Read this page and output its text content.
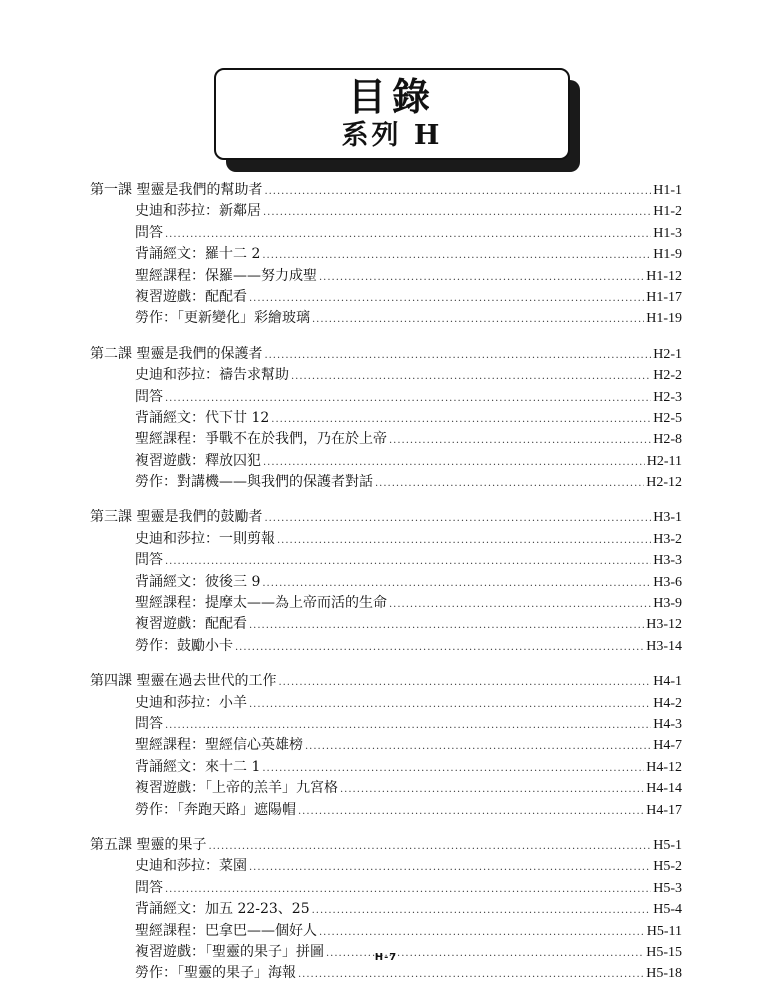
目錄
系列 H
第一課 聖靈是我們的幫助者 .....	H1-1
史迪和莎拉：新鄰居 .....	H1-2
問答 .....	H1-3
背誦經文：羅十二 2 .....	H1-9
聖經課程：保羅——努力成聖 .....	H1-12
複習遊戲：配配看 .....	H1-17
勞作：「更新變化」彩繪玻璃 .....	H1-19
第二課 聖靈是我們的保護者 .....	H2-1
史迪和莎拉：禱告求幫助 .....	H2-2
問答 .....	H2-3
背誦經文：代下廿 12 .....	H2-5
聖經課程：爭戰不在於我們，乃在於上帝 .....	H2-8
複習遊戲：釋放囚犯 .....	H2-11
勞作：對講機——與我們的保護者對話 .....	H2-12
第三課 聖靈是我們的鼓勵者 .....	H3-1
史迪和莎拉：一則剪報 .....	H3-2
問答 .....	H3-3
背誦經文：彼後三 9 .....	H3-6
聖經課程：提摩太——為上帝而活的生命 .....	H3-9
複習遊戲：配配看 .....	H3-12
勞作：鼓勵小卡 .....	H3-14
第四課 聖靈在過去世代的工作 .....	H4-1
史迪和莎拉：小羊 .....	H4-2
問答 .....	H4-3
聖經課程：聖經信心英雄榜 .....	H4-7
背誦經文：來十二 1 .....	H4-12
複習遊戲：「上帝的羔羊」九宮格 .....	H4-14
勞作：「奔跑天路」遮陽帽 .....	H4-17
第五課 聖靈的果子 .....	H5-1
史迪和莎拉：菜園 .....	H5-2
問答 .....	H5-3
背誦經文：加五 22-23、25 .....	H5-4
聖經課程：巴拿巴——個好人 .....	H5-11
複習遊戲：「聖靈的果子」拼圖 .....	H5-15
勞作：「聖靈的果子」海報 .....	H5-18
H-7
